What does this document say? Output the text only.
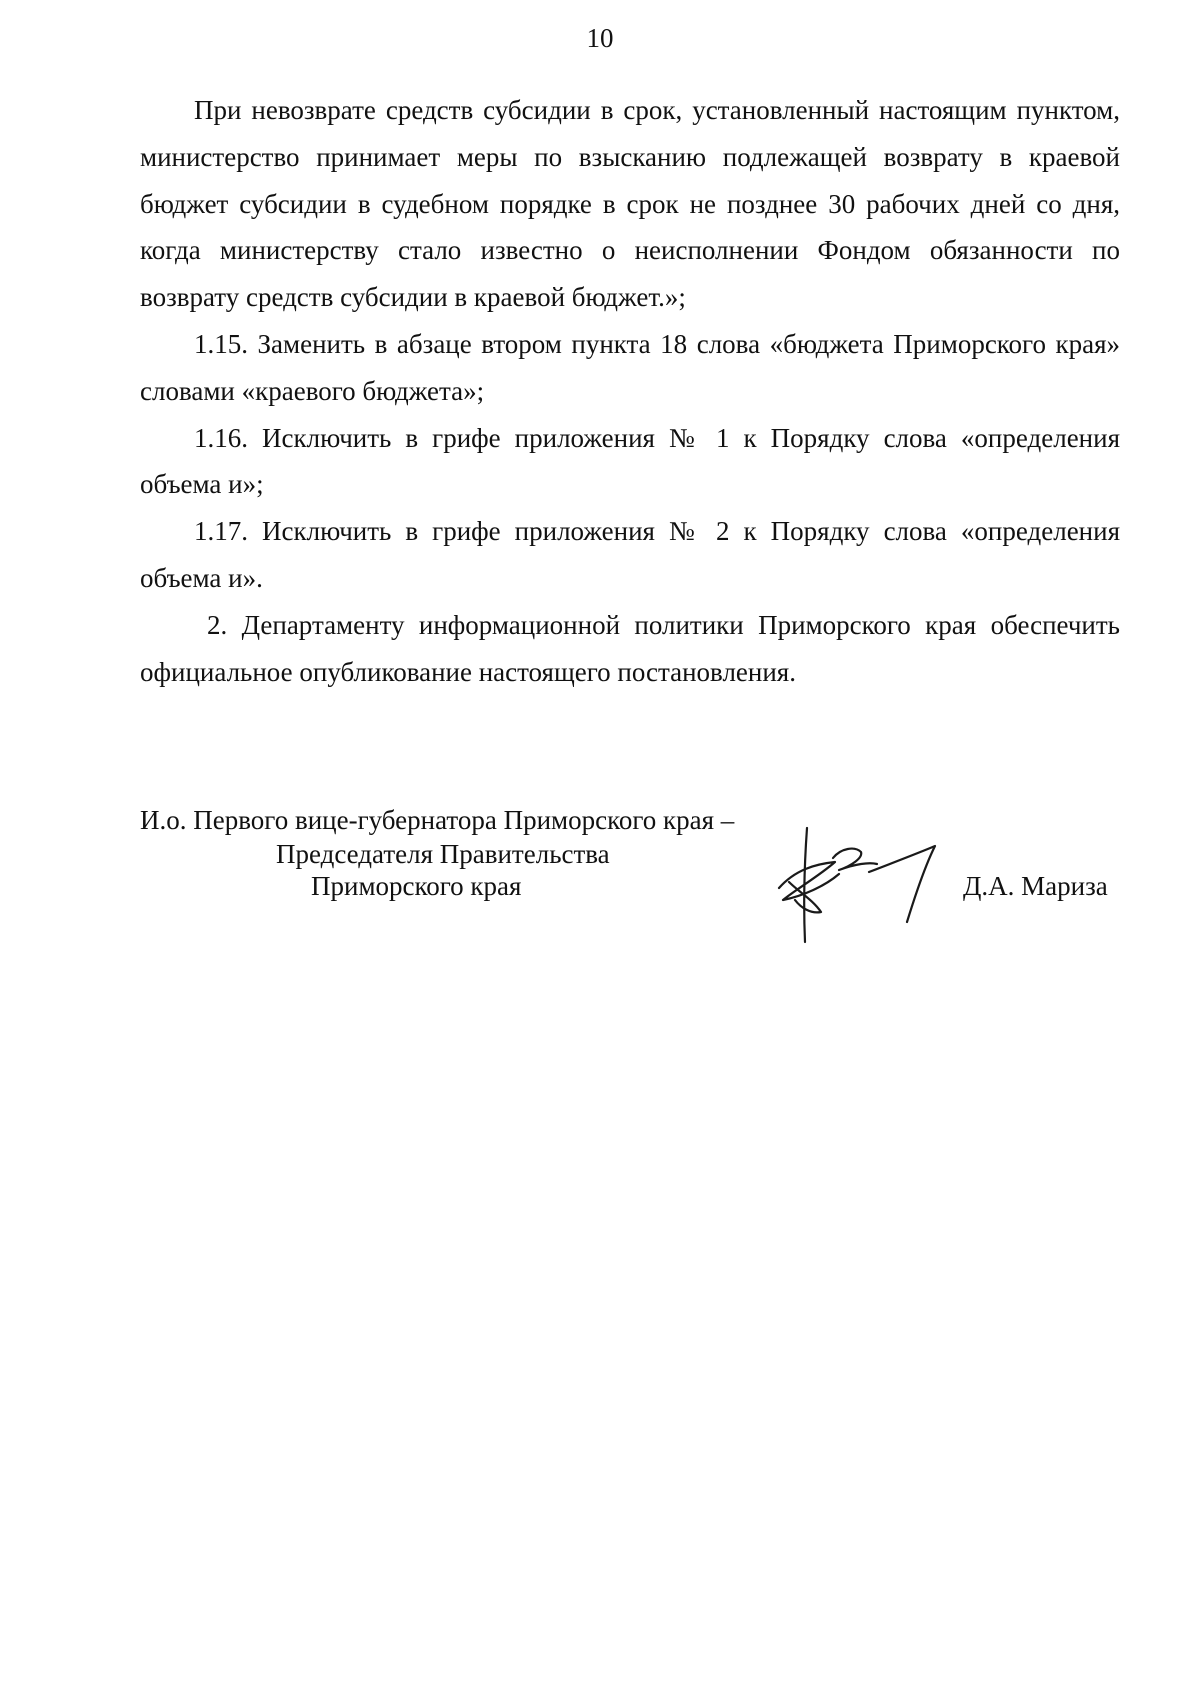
10

При невозврате средств субсидии в срок, установленный настоящим пунктом, министерство принимает меры по взысканию подлежащей возврату в краевой бюджет субсидии в судебном порядке в срок не позднее 30 рабочих дней со дня, когда министерству стало известно о неисполнении Фондом обязанности по возврату средств субсидии в краевой бюджет.»;

1.15. Заменить в абзаце втором пункта 18 слова «бюджета Приморского края» словами «краевого бюджета»;

1.16. Исключить в грифе приложения № 1 к Порядку слова «определения объема и»;

1.17. Исключить в грифе приложения № 2 к Порядку слова «определения объема и».

2. Департаменту информационной политики Приморского края обеспечить официальное опубликование настоящего постановления.

И.о. Первого вице-губернатора Приморского края –
Председателя Правительства
Приморского края	Д.А. Мариза
